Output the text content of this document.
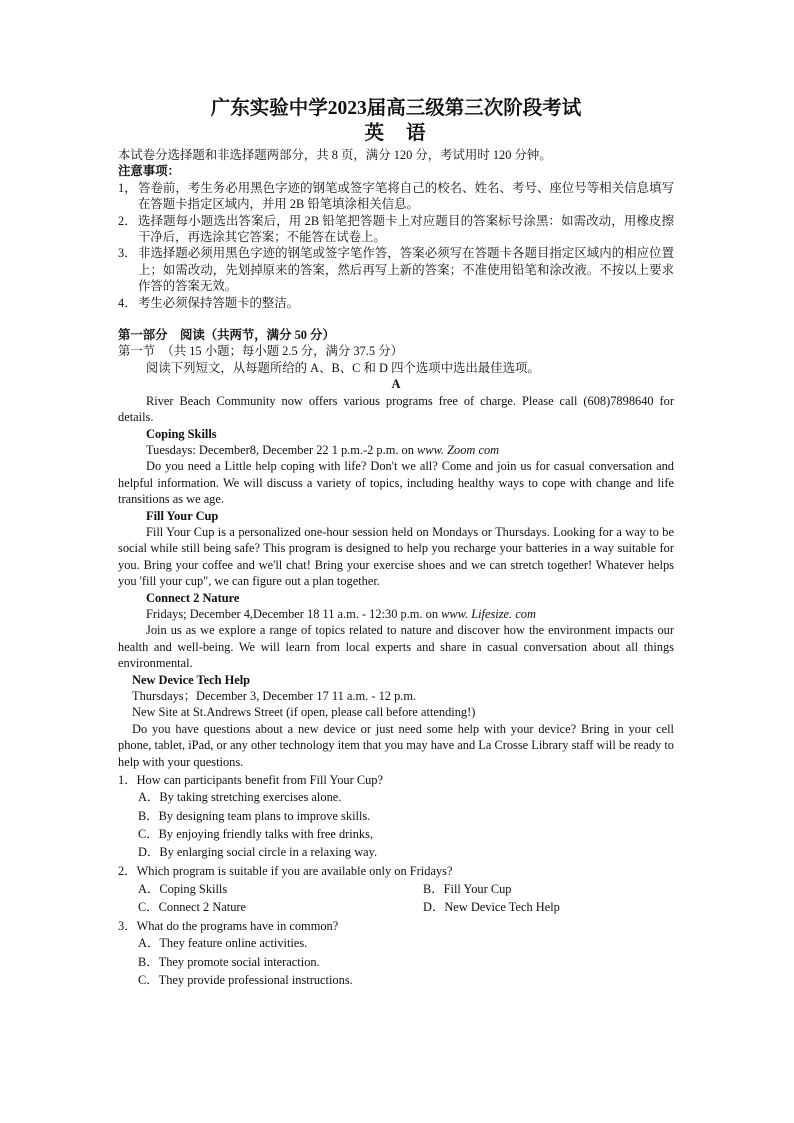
广东实验中学2023届高三级第三次阶段考试
英语

本试卷分选择题和非选择题两部分，共 8 页，满分 120 分，考试用时 120 分钟。

注意事项：

1， 答卷前，考生务必用黑色字迹的钢笔或签字笔将自己的校名、姓名、考号、座位号等相关信息填写在答题卡指定区域内，并用 2B 铅笔填涂相关信息。
2． 选择题每小题选出答案后，用 2B 铅笔把答题卡上对应题目的答案标号涂黑：如需改动，用橡皮擦干净后，再选涂其它答案；不能答在试卷上。
3． 非选择题必须用黑色字迹的钢笔或签字笔作答，答案必须写在答题卡各题目指定区域内的相应位置上；如需改动，先划掉原来的答案，然后再写上新的答案；不准使用铅笔和涂改液。不按以上要求作答的答案无效。
4． 考生必须保持答题卡的整洁。

第一部分　阅读（共两节，满分 50 分）

第一节　（共 15 小题；每小题 2.5 分，满分 37.5 分）

阅读下列短文，从每题所给的 A、B、C 和 D 四个选项中选出最佳选项。

A

River Beach Community now offers various programs free of charge. Please call (608)7898640 for details.

Coping Skills

Tuesdays: December8, December 22 1 p.m.-2 p.m. on www. Zoom com

Do you need a Little help coping with life? Don't we all? Come and join us for casual conversation and helpful information. We will discuss a variety of topics, including healthy ways to cope with change and life transitions as we age.

Fill Your Cup

Fill Your Cup is a personalized one-hour session held on Mondays or Thursdays. Looking for a way to be social while still being safe? This program is designed to help you recharge your batteries in a way suitable for you. Bring your coffee and we'll chat! Bring your exercise shoes and we can stretch together! Whatever helps you 'fill your cup", we can figure out a plan together.

Connect 2 Nature

Fridays; December 4,December 18 11 a.m. - 12:30 p.m. on www. Lifesize. com

Join us as we explore a range of topics related to nature and discover how the environment impacts our health and well-being. We will learn from local experts and share in casual conversation about all things environmental.

New Device Tech Help

Thursdays；December 3, December 17 11 a.m. - 12 p.m.

New Site at St.Andrews Street (if open, please call before attending!)

Do you have questions about a new device or just need some help with your device? Bring in your cell phone, tablet, iPad, or any other technology item that you may have and La Crosse Library staff will be ready to help with your questions.

1．How can participants benefit from Fill Your Cup?

A．By taking stretching exercises alone.

B．By designing team plans to improve skills.

C．By enjoying friendly talks with free drinks,

D．By enlarging social circle in a relaxing way.

2．Which program is suitable if you are available only on Fridays?

A．Coping Skills	B．Fill Your Cup
C．Connect 2 Nature	D．New Device Tech Help

3．What do the programs have in common?

A．They feature online activities.

B．They promote social interaction.

C．They provide professional instructions.
